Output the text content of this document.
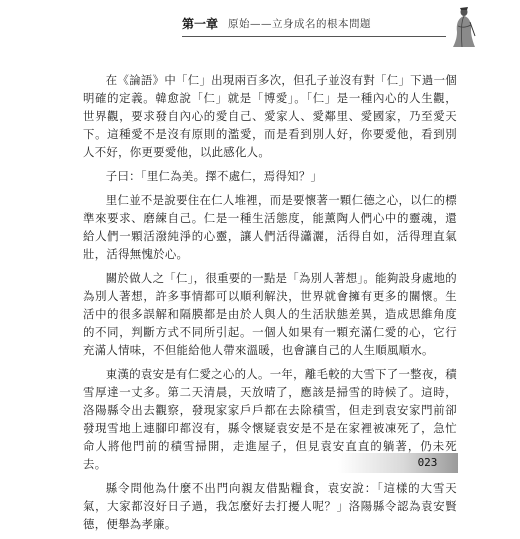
第一章 原始——立身成名的根本問題

在《論語》中「仁」出現兩百多次，但孔子並沒有對「仁」下過一個明確的定義。韓愈說「仁」就是「博愛」。「仁」是一種內心的人生觀，世界觀，要求發自內心的愛自己、愛家人、愛鄰里、愛國家，乃至愛天下。這種愛不是沒有原則的濫愛，而是看到別人好，你要愛他，看到別人不好，你更要愛他，以此感化人。

子曰：「里仁為美。擇不處仁，焉得知？」

里仁並不是說要住在仁人堆裡，而是要懷著一顆仁德之心，以仁的標準來要求、磨練自己。仁是一種生活態度，能薰陶人們心中的靈魂，還給人們一顆活潑純淨的心靈，讓人們活得瀟灑，活得自如，活得理直氣壯，活得無愧於心。

關於做人之「仁」，很重要的一點是「為別人著想」。能夠設身處地的為別人著想，許多事情都可以順利解決，世界就會擁有更多的關懷。生活中的很多誤解和隔膜都是由於人與人的生活狀態差異，造成思維角度的不同，判斷方式不同所引起。一個人如果有一顆充滿仁愛的心，它行充滿人情味，不但能給他人帶來溫暖，也會讓自己的人生順風順水。

東漢的袁安是有仁愛之心的人。一年，離毛較的大雪下了一整夜，積雪厚達一丈多。第二天清晨，天放晴了，應該是掃雪的時候了。這時，洛陽縣令出去觀察，發現家家戶戶都在去除積雪，但走到袁安家門前卻發現雪地上連腳印都沒有，縣令懷疑袁安是不是在家裡被凍死了，急忙命人將他門前的積雪掃開，走進屋子，但見袁安直直的躺著，仍未死去。

縣令問他為什麼不出門向親友借點糧食，袁安說：「這樣的大雪天氣，大家都沒好日子過，我怎麼好去打擾人呢？」洛陽縣令認為袁安賢德，便舉為孝廉。

023
